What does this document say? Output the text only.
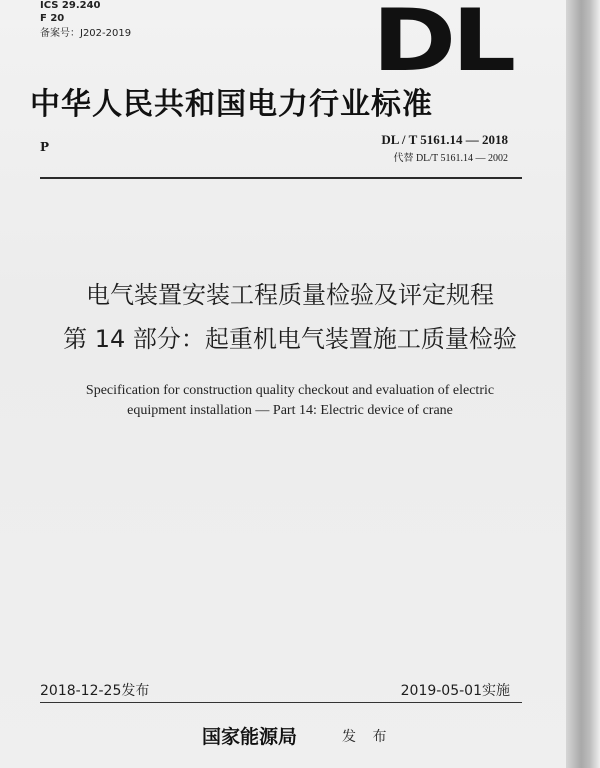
ICS 29.240
F 20
备案号：J202-2019	DL
中华人民共和国电力行业标准
P	DL / T 5161.14 — 2018
代替 DL/T 5161.14 — 2002
电气装置安装工程质量检验及评定规程
第 14 部分：起重机电气装置施工质量检验
Specification for construction quality checkout and evaluation of electric
equipment installation — Part 14: Electric device of crane
2018-12-25发布	2019-05-01实施
国家能源局	发 布
